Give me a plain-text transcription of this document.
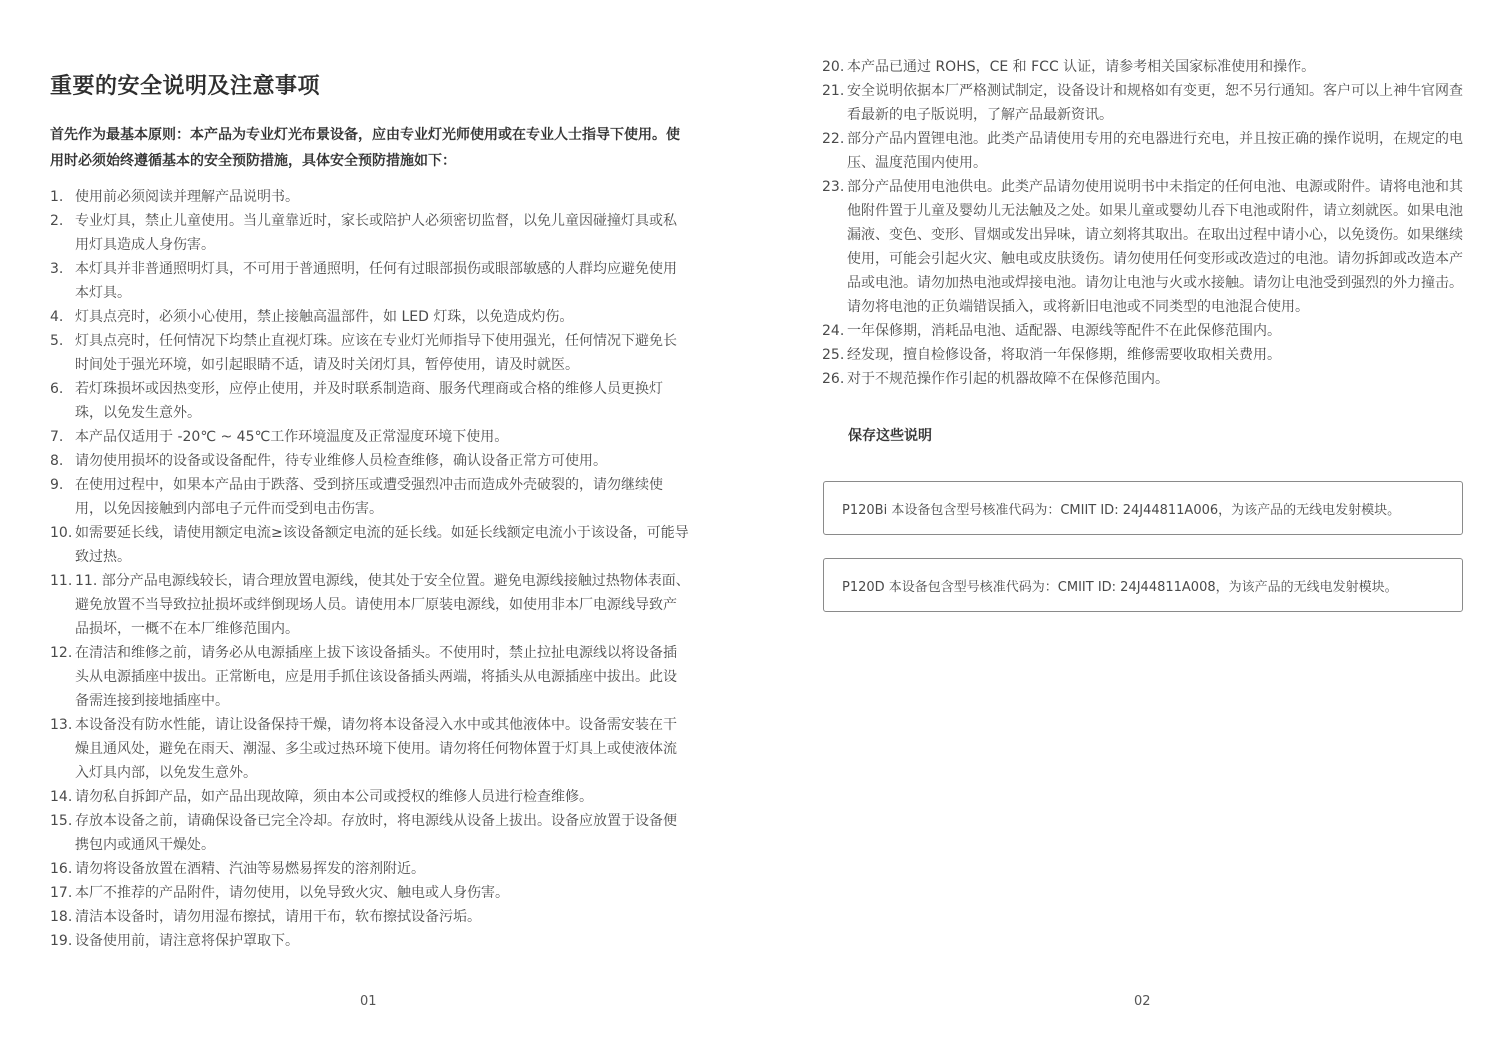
重要的安全说明及注意事项

首先作为最基本原则：本产品为专业灯光布景设备，应由专业灯光师使用或在专业人士指导下使用。使用时必须始终遵循基本的安全预防措施，具体安全预防措施如下：

1. 使用前必须阅读并理解产品说明书。
2. 专业灯具，禁止儿童使用。当儿童靠近时，家长或陪护人必须密切监督，以免儿童因碰撞灯具或私用灯具造成人身伤害。
3. 本灯具并非普通照明灯具，不可用于普通照明，任何有过眼部损伤或眼部敏感的人群均应避免使用本灯具。
4. 灯具点亮时，必须小心使用，禁止接触高温部件，如 LED 灯珠，以免造成灼伤。
5. 灯具点亮时，任何情况下均禁止直视灯珠。应该在专业灯光师指导下使用强光，任何情况下避免长时间处于强光环境，如引起眼睛不适，请及时关闭灯具，暂停使用，请及时就医。
6. 若灯珠损坏或因热变形，应停止使用，并及时联系制造商、服务代理商或合格的维修人员更换灯珠，以免发生意外。
7. 本产品仅适用于 -20℃ ~ 45℃工作环境温度及正常湿度环境下使用。
8. 请勿使用损坏的设备或设备配件，待专业维修人员检查维修，确认设备正常方可使用。
9. 在使用过程中，如果本产品由于跌落、受到挤压或遭受强烈冲击而造成外壳破裂的，请勿继续使用，以免因接触到内部电子元件而受到电击伤害。
10. 如需要延长线，请使用额定电流≥该设备额定电流的延长线。如延长线额定电流小于该设备，可能导致过热。
11. 11. 部分产品电源线较长，请合理放置电源线，使其处于安全位置。避免电源线接触过热物体表面、避免放置不当导致拉扯损坏或绊倒现场人员。请使用本厂原装电源线，如使用非本厂电源线导致产品损坏，一概不在本厂维修范围内。
12. 在清洁和维修之前，请务必从电源插座上拔下该设备插头。不使用时，禁止拉扯电源线以将设备插头从电源插座中拔出。正常断电，应是用手抓住该设备插头两端，将插头从电源插座中拔出。此设备需连接到接地插座中。
13. 本设备没有防水性能，请让设备保持干燥，请勿将本设备浸入水中或其他液体中。设备需安装在干燥且通风处，避免在雨天、潮湿、多尘或过热环境下使用。请勿将任何物体置于灯具上或使液体流入灯具内部，以免发生意外。
14. 请勿私自拆卸产品，如产品出现故障，须由本公司或授权的维修人员进行检查维修。
15. 存放本设备之前，请确保设备已完全冷却。存放时，将电源线从设备上拔出。设备应放置于设备便携包内或通风干燥处。
16. 请勿将设备放置在酒精、汽油等易燃易挥发的溶剂附近。
17. 本厂不推荐的产品附件，请勿使用，以免导致火灾、触电或人身伤害。
18. 清洁本设备时，请勿用湿布擦拭，请用干布，软布擦拭设备污垢。
19. 设备使用前，请注意将保护罩取下。
01
20. 本产品已通过 ROHS，CE 和 FCC 认证，请参考相关国家标准使用和操作。
21. 安全说明依据本厂严格测试制定，设备设计和规格如有变更，恕不另行通知。客户可以上神牛官网查看最新的电子版说明，了解产品最新资讯。
22. 部分产品内置锂电池。此类产品请使用专用的充电器进行充电，并且按正确的操作说明，在规定的电压、温度范围内使用。
23. 部分产品使用电池供电。此类产品请勿使用说明书中未指定的任何电池、电源或附件。请将电池和其他附件置于儿童及婴幼儿无法触及之处。如果儿童或婴幼儿吞下电池或附件，请立刻就医。如果电池漏液、变色、变形、冒烟或发出异味，请立刻将其取出。在取出过程中请小心，以免烫伤。如果继续使用，可能会引起火灾、触电或皮肤烫伤。请勿使用任何变形或改造过的电池。请勿拆卸或改造本产品或电池。请勿加热电池或焊接电池。请勿让电池与火或水接触。请勿让电池受到强烈的外力撞击。请勿将电池的正负端错误插入，或将新旧电池或不同类型的电池混合使用。
24. 一年保修期，消耗品电池、适配器、电源线等配件不在此保修范围内。
25. 经发现，擅自检修设备，将取消一年保修期，维修需要收取相关费用。
26. 对于不规范操作作引起的机器故障不在保修范围内。
保存这些说明
P120Bi 本设备包含型号核准代码为：CMIIT ID: 24J44811A006，为该产品的无线电发射模块。
P120D 本设备包含型号核准代码为：CMIIT ID: 24J44811A008，为该产品的无线电发射模块。
02
